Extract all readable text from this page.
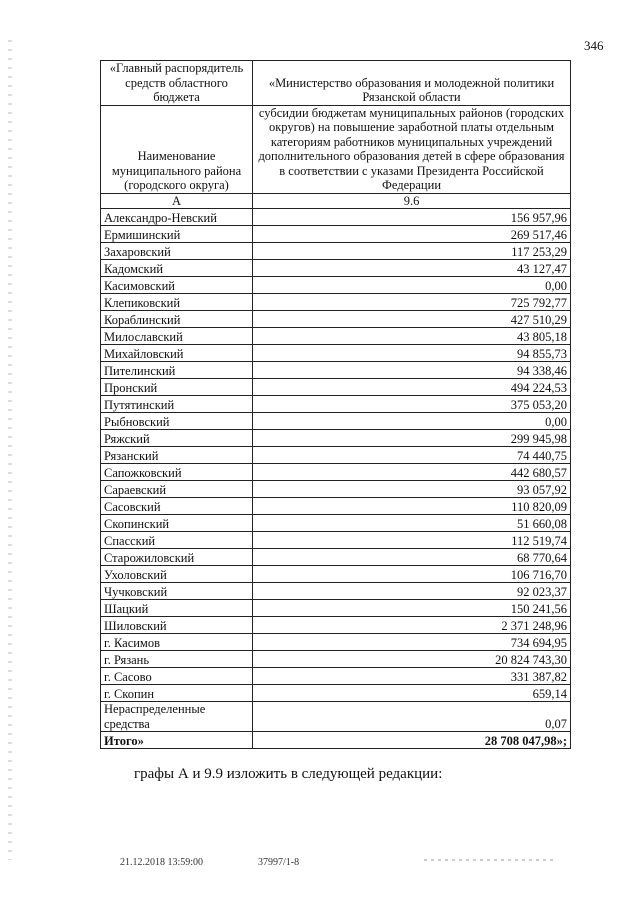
346
«Главный распорядитель средств областного бюджета	«Министерство образования и молодежной политики Рязанской области
Наименование муниципального района (городского округа)	субсидии бюджетам муниципальных районов (городских округов) на повышение заработной платы отдельным категориям работников муниципальных учреждений дополнительного образования детей в сфере образования в соответствии с указами Президента Российской Федерации
А	9.6
Александро-Невский	156 957,96
Ермишинский	269 517,46
Захаровский	117 253,29
Кадомский	43 127,47
Касимовский	0,00
Клепиковский	725 792,77
Кораблинский	427 510,29
Милославский	43 805,18
Михайловский	94 855,73
Пителинский	94 338,46
Пронский	494 224,53
Путятинский	375 053,20
Рыбновский	0,00
Ряжский	299 945,98
Рязанский	74 440,75
Сапожковский	442 680,57
Сараевский	93 057,92
Сасовский	110 820,09
Скопинский	51 660,08
Спасский	112 519,74
Старожиловский	68 770,64
Ухоловский	106 716,70
Чучковский	92 023,37
Шацкий	150 241,56
Шиловский	2 371 248,96
г. Касимов	734 694,95
г. Рязань	20 824 743,30
г. Сасово	331 387,82
г. Скопин	659,14
Нераспределенные средства	0,07
Итого»	28 708 047,98»;
графы А и 9.9 изложить в следующей редакции:
21.12.2018 13:59:00	37997/1-8
